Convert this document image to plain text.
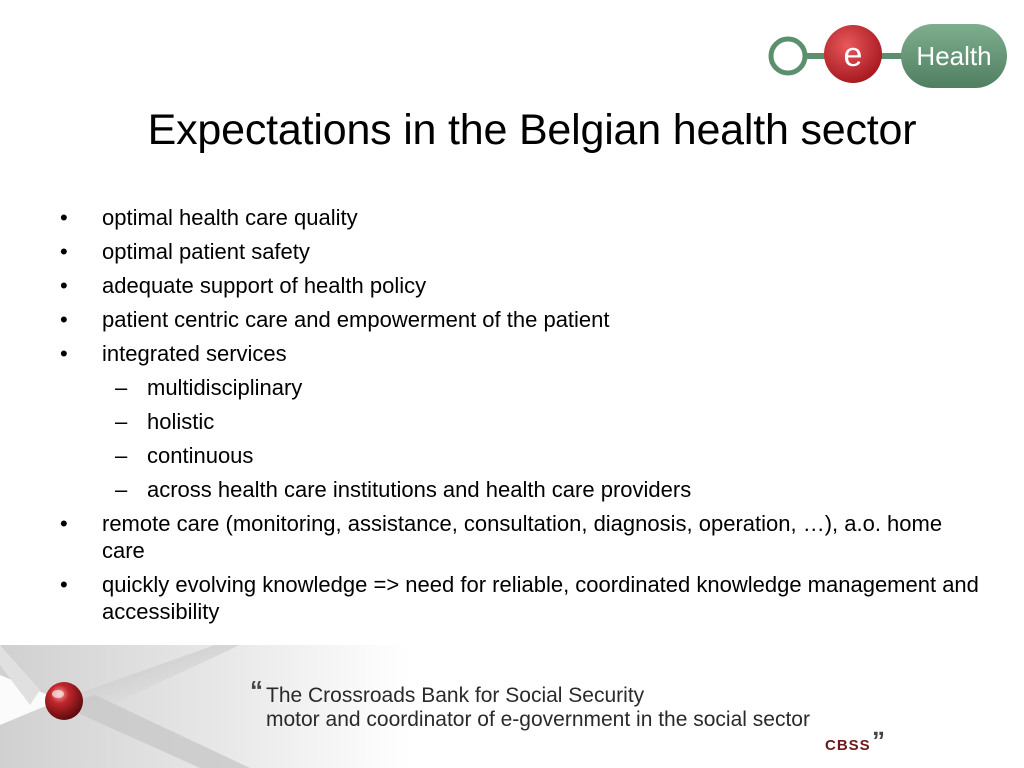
e Health
Expectations in the Belgian health sector
•	optimal health care quality
•	optimal patient safety
•	adequate support of health policy
•	patient centric care and empowerment of the patient
•	integrated services
– multidisciplinary
– holistic
– continuous
– across health care institutions and health care providers
•	remote care (monitoring, assistance, consultation, diagnosis, operation, …), a.o. home care
•	quickly evolving knowledge => need for reliable, coordinated knowledge management and accessibility
“ The Crossroads Bank for Social Security
motor and coordinator of e-government in the social sector „
CBSS
